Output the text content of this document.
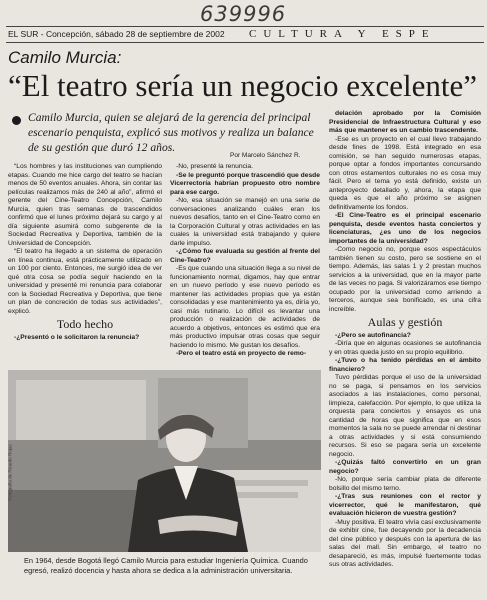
639996
EL SUR - Concepción, sábado 28 de septiembre de 2002 CULTURA Y ESPE
Camilo Murcia:
“El teatro sería un negocio excelente”
Camilo Murcia, quien se alejará de la gerencia del principal escenario penquista, explicó sus motivos y realiza un balance de su gestión que duró 12 años.
Por Marcelo Sánchez R.

“Los hombres y las instituciones van cumpliendo etapas. Cuando me hice cargo del teatro se hacían menos de 50 eventos anuales. Ahora, sin contar las películas realizamos más de 240 al año”, afirmó el gerente del Cine-Teatro Concepción, Camilo Murcia, quien tras semanas de trascendidos confirmó que el lunes próximo dejará su cargo y al día siguiente asumirá como subgerente de la Sociedad Recreativa y Deportiva, también de la Universidad de Concepción.

“El teatro ha llegado a un sistema de operación en línea continua, está prácticamente utilizado en un 100 por ciento. Entonces, me surgió idea de ver qué otra cosa se podía seguir haciendo en la universidad y presenté mi renuncia para colaborar con la Sociedad Recreativa y Deportiva, que tiene un plan de concreción de todas sus actividades”, explicó.

Todo hecho

-¿Presentó o le solicitaron la renuncia?

-No, presenté la renuncia.

-Se le preguntó porque trascendió que desde Vicerrectoría habrían propuesto otro nombre para ese cargo.

-No, esa situación se manejó en una serie de conversaciones analizando cuáles eran los nuevos desafíos, tanto en el Cine-Teatro como en la Corporación Cultural y otras actividades en las cuales la universidad está trabajando y quiere darle impulso.

-¿Cómo fue evaluada su gestión al frente del Cine-Teatro?

-Es que cuando una situación llega a su nivel de funcionamiento normal, digamos, hay que entrar en un nuevo período y ese nuevo período es mantener las actividades propias que ya están consolidadas y ese mantenimiento ya es, diría yo, casi más rutinario. Lo difícil es levantar una producción o realización de actividades de acuerdo a objetivos, entonces es estimó que era más productivo impulsar otras cosas que seguir haciendo lo mismo. Me gustan los desafíos.

-Pero el teatro está en proyecto de remo-

delación aprobado por la Comisión Presidencial de Infraestructura Cultural y eso más que mantener es un cambio trascendente.

-Ese es un proyecto en el cual llevo trabajando desde fines de 1998. Está integrado en esa comisión, se han seguido numerosas etapas, porque optar a fondos importantes concursando con otros estamentos culturales no es cosa muy fácil. Pero el tema yo está definido, existe un anteproyecto detallado y, ahora, la etapa que queda es que el año próximo se asignen definitivamente los fondos.

-El Cine-Teatro es el principal escenario penquista, desde eventos hasta conciertos y licenciaturas, ¿es uno de los negocios importantes de la universidad?

-Como negocio no, porque esos espectáculos también tienen su costo, pero se sostiene en el tiempo. Además, las salas 1 y 2 prestan muchos servicios a la universidad, que en la mayor parte de las veces no paga. Si valorizáramos ese tiempo ocupado por la universidad como arriendo a terceros, aunque sea bonificado, es una cifra increíble.

Aulas y gestión

-¿Pero se autofinancia?

-Diría que en algunas ocasiones se autofinancia y en otras queda justo en su propio equilibrio.

-¿Tuvo o ha tenido pérdidas en el ámbito financiero?

Tuvo pérdidas porque el uso de la universidad no se paga, si pensamos en los servicios asociados a las instalaciones, como personal, limpieza, calefacción. Por ejemplo, lo que utiliza la orquesta para conciertos y ensayos es una cantidad de horas que significa que en esos momentos la sala no se puede arrendar ni destinar a otras actividades y si está consumiendo recursos. Si eso se pagara sería un excelente negocio.

-¿Quizás faltó convertirlo en un gran negocio?

-No, porque sería cambiar plata de diferente bolsillo del mismo terno.

-¿Tras sus reuniones con el rector y vicerrector, qué le manifestaron, qué evaluación hicieron de vuestra gestión?

-Muy positiva. El teatro vivía casi exclusivamente de exhibir cine, fue decayendo por la decadencia del cine público y después con la apertura de las salas del mall. Sin embargo, el teatro no desapareció, es más, impulsé fuertemente todas sus otras actividades.

Fotografía de Ricardo Rojas
En 1964, desde Bogotá llegó Camilo Murcia para estudiar Ingeniería Química. Cuando egresó, realizó docencia y hasta ahora se dedica a la administración universitaria.
